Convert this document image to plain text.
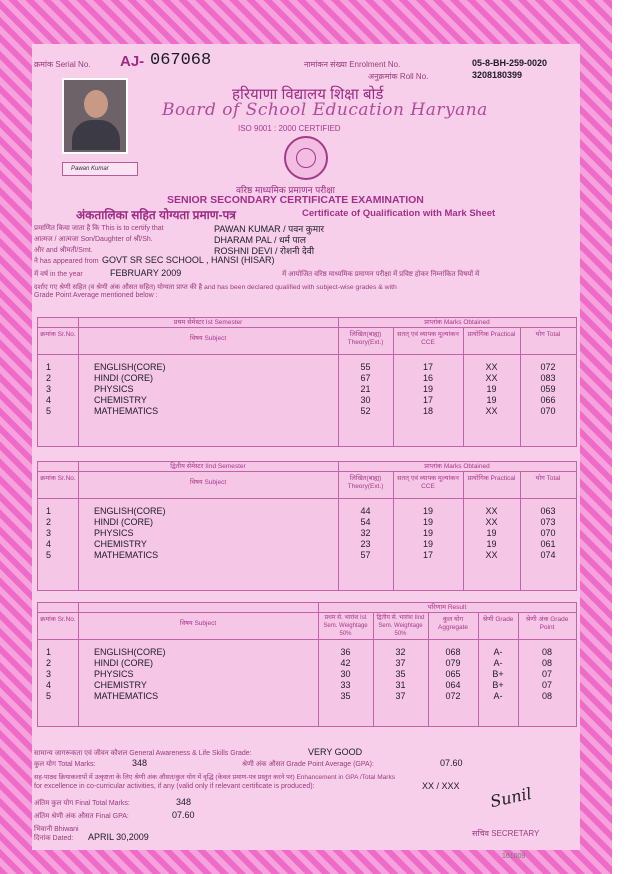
क्रमांक Serial No. AJ- 067068	नामांकन संख्या Enrolment No.	05-8-BH-259-0020
अनुक्रमांक Roll No.	3208180399
Pawan Kumar
हरियाणा विद्यालय शिक्षा बोर्ड
Board of School Education Haryana
ISO 9001 : 2000 CERTIFIED
वरिष्ठ माध्यमिक प्रमाणन परीक्षा
SENIOR SECONDARY CERTIFICATE EXAMINATION
अंकतालिका सहित योग्यता प्रमाण-पत्र	Certificate of Qualification with Mark Sheet
प्रमाणित किया जाता है कि This is to certify that	PAWAN KUMAR / पवन कुमार
आत्मज / आत्मजा Son/Daughter of श्री/Sh.	DHARAM PAL / धर्म पाल
और and श्रीमती/Smt.	ROSHNI DEVI / रोशनी देवी
ने has appeared from GOVT SR SEC SCHOOL , HANSI (HISAR)
में वर्ष in the year	FEBRUARY 2009	में आयोजित वरिष्ठ माध्यमिक प्रमाणन परीक्षा में प्रविष्ट होकर निम्नांकित विषयों में
दर्शाए गए श्रेणी सहित (व श्रेणी अंक औसत सहित) योग्यता प्राप्त की है and has been declared qualified with subject-wise grades & with
Grade Point Average mentioned below :
प्रथम सेमेस्टर Ist Semester	प्राप्तांक Marks Obtained
क्रमांक Sr.No.
विषय Subject
लिखित(बाह्य) Theory(Ext.)
सतत् एवं व्यापक मूल्यांकन CCE
प्रायोगिक Practical	योग Total
1	ENGLISH(CORE)	55	17	XX	072
2	HINDI (CORE)	67	16	XX	083
3	PHYSICS	21	19	19	059
4	CHEMISTRY	30	17	19	066
5	MATHEMATICS	52	18	XX	070
द्वितीय सेमेस्टर IInd Semester	प्राप्तांक Marks Obtained
क्रमांक Sr.No.
विषय Subject
लिखित(बाह्य) Theory(Ext.)
सतत् एवं व्यापक मूल्यांकन CCE
प्रायोगिक Practical	योग Total
1	ENGLISH(CORE)	44	19	XX	063
2	HINDI (CORE)	54	19	XX	073
3	PHYSICS	32	19	19	070
4	CHEMISTRY	23	19	19	061
5	MATHEMATICS	57	17	XX	074
परिणाम Result
क्रमांक Sr.No.
विषय Subject
प्रथम से. भारांश Ist Sem. Weightage 50%
द्वितीय से. भारांश IInd Sem. Weightage 50%
कुल योग Aggregate
श्रेणी Grade	श्रेणी अंक Grade Point
1	ENGLISH(CORE)	36	32	068	A-	08
2	HINDI (CORE)	42	37	079	A-	08
3	PHYSICS	30	35	065	B+	07
4	CHEMISTRY	33	31	064	B+	07
5	MATHEMATICS	35	37	072	A-	08
सामान्य जागरूकता एवं जीवन कौशल General Awareness & Life Skills Grade:	VERY GOOD
कुल योग Total Marks:	348	श्रेणी अंक औसत Grade Point Average (GPA):	07.60
सह-पाठ्य क्रियाकलापों में उत्कृष्टता के लिए श्रेणी अंक औसत/कुल योग में वृद्धि (केवल प्रमाण-पत्र प्रस्तुत करने पर) Enhancement in GPA /Total Marks
for excellence in co-curricular activities, if any (valid only if relevant certificate is produced):	XX / XXX
अंतिम कुल योग Final Total Marks:	348
अंतिम श्रेणी अंक औसत Final GPA:	07.60
भिवानी Bhiwani
दिनांक Dated: APRIL 30,2009
Sunil
सचिव SECRETARY
161009
